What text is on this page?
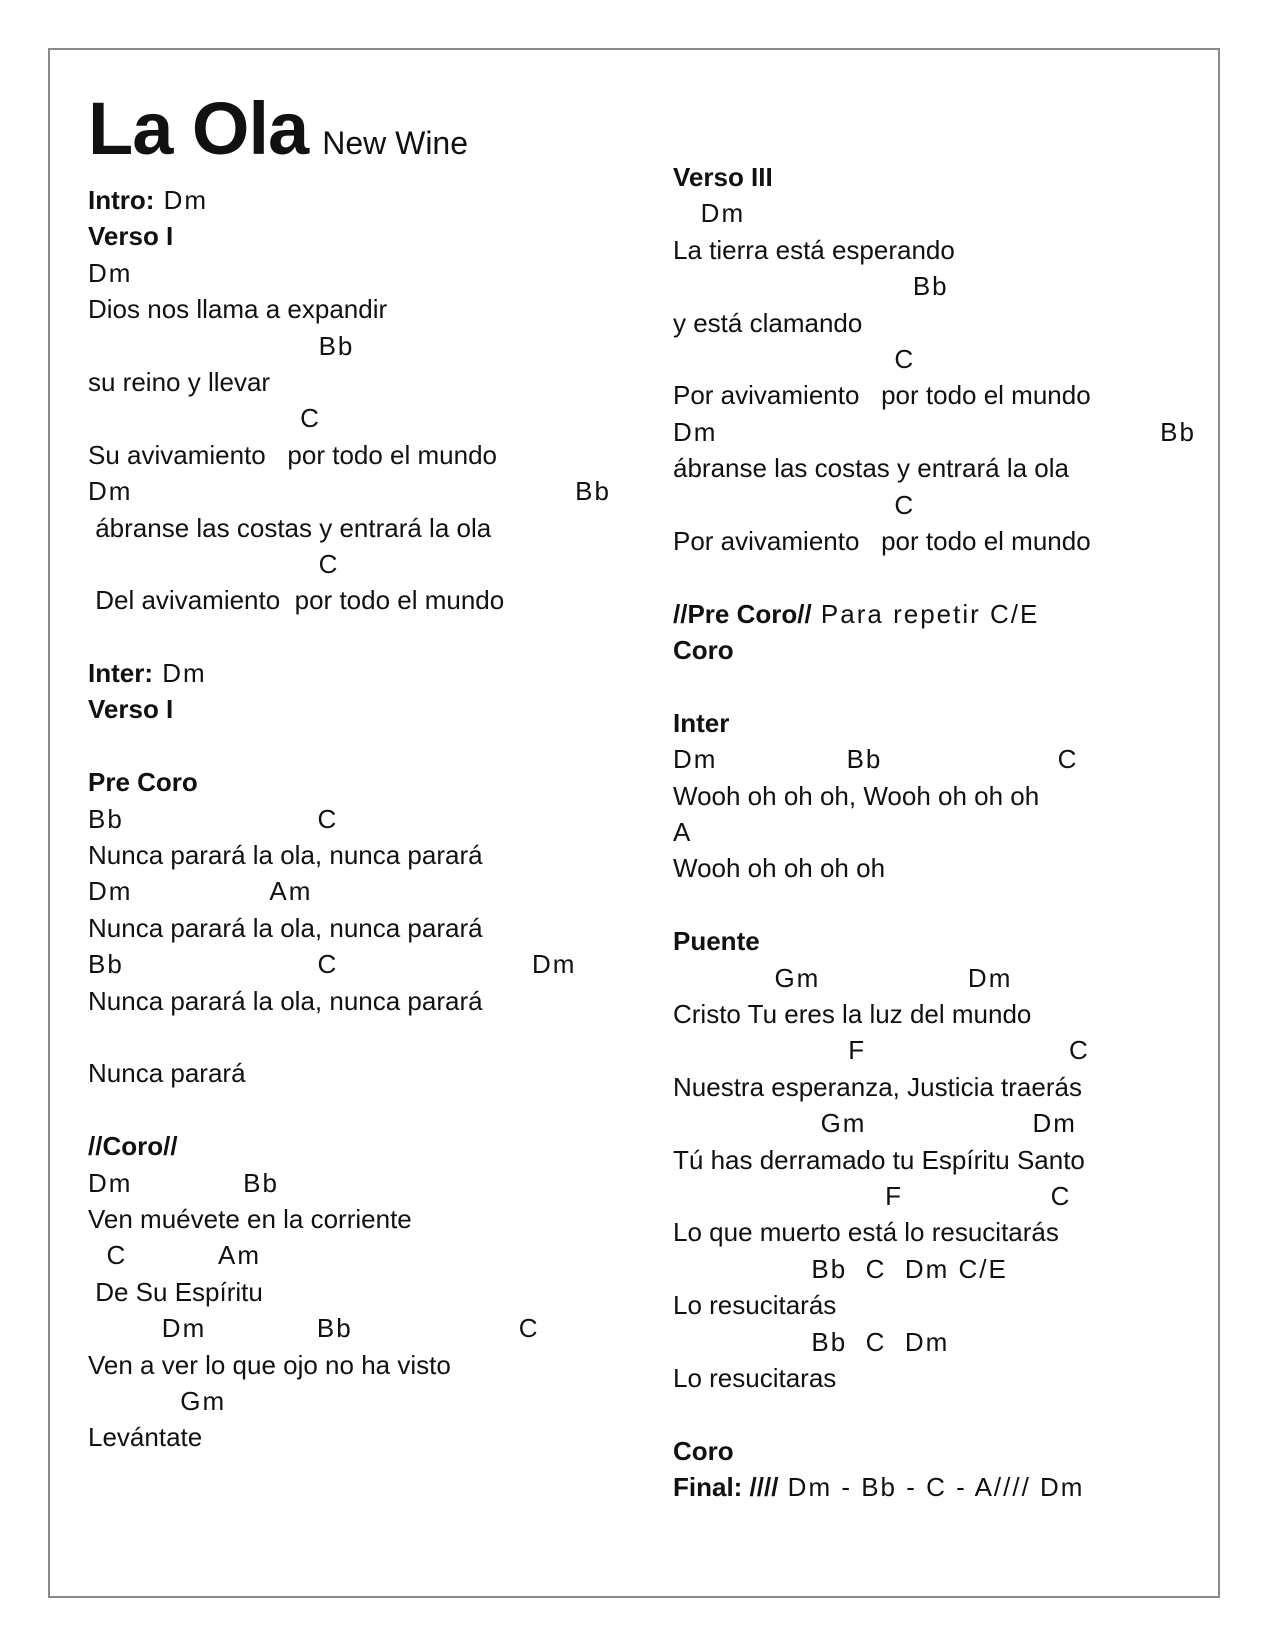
La Ola New Wine
Intro: Dm
Verso I
Dm
Dios nos llama a expandir
Bb
su reino y llevar
C
Su avivamiento   por todo el mundo
Dm                                                Bb
ábranse las costas y entrará la ola
C
Del avivamiento  por todo el mundo
Inter: Dm
Verso I
Pre Coro
Bb                     C
Nunca parará la ola, nunca parará
Dm               Am
Nunca parará la ola, nunca parará
Bb                     C                     Dm
Nunca parará la ola, nunca parará
Nunca parará
//Coro//
Dm            Bb
Ven muévete en la corriente
C          Am
De Su Espíritu
Dm            Bb                  C
Ven a ver lo que ojo no ha visto
Gm
Levántate
Verso III
Dm
La tierra está esperando
Bb
y está clamando
C
Por avivamiento   por todo el mundo
Dm                                                Bb
ábranse las costas y entrará la ola
C
Por avivamiento   por todo el mundo
//Pre Coro// Para repetir C/E
Coro
Inter
Dm              Bb                   C
Wooh oh oh oh, Wooh oh oh oh
A
Wooh oh oh oh oh
Puente
Gm                Dm
Cristo Tu eres la luz del mundo
F                      C
Nuestra esperanza, Justicia traerás
Gm                  Dm
Tú has derramado tu Espíritu Santo
F                C
Lo que muerto está lo resucitarás
Bb  C  Dm C/E
Lo resucitarás
Bb  C  Dm
Lo resucitaras
Coro
Final: //// Dm - Bb - C - A//// Dm
